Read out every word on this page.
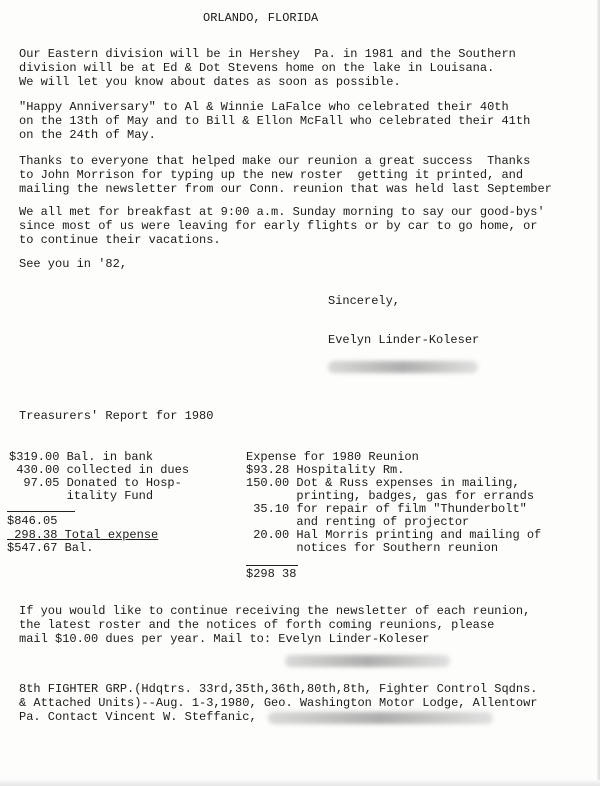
ORLANDO, FLORIDA
Our Eastern division will be in Hershey  Pa. in 1981 and the Southern
division will be at Ed & Dot Stevens home on the lake in Louisana.
We will let you know about dates as soon as possible.
"Happy Anniversary" to Al & Winnie LaFalce who celebrated their 40th
on the 13th of May and to Bill & Ellon McFall who celebrated their 41th
on the 24th of May.
Thanks to everyone that helped make our reunion a great success  Thanks
to John Morrison for typing up the new roster  getting it printed, and
mailing the newsletter from our Conn. reunion that was held last September
We all met for breakfast at 9:00 a.m. Sunday morning to say our good-bys'
since most of us were leaving for early flights or by car to go home, or
to continue their vacations.
See you in '82,
Sincerely,
Evelyn Linder-Koleser
Treasurers' Report for 1980
$319.00 Bal. in bank
430.00 collected in dues
97.05 Donated to Hosp-
itality Fund
$846.05
298.38 Total expense
$547.67 Bal.
Expense for 1980 Reunion
$93.28 Hospitality Rm.
150.00 Dot & Russ expenses in mailing,
printing, badges, gas for errands
35.10 for repair of film "Thunderbolt"
and renting of projector
20.00 Hal Morris printing and mailing of
notices for Southern reunion
$298 38
If you would like to continue receiving the newsletter of each reunion,
the latest roster and the notices of forth coming reunions, please
mail $10.00 dues per year. Mail to: Evelyn Linder-Koleser
8th FIGHTER GRP.(Hdqtrs. 33rd,35th,36th,80th,8th, Fighter Control Sqdns.
& Attached Units)--Aug. 1-3,1980, Geo. Washington Motor Lodge, Allentowr
Pa. Contact Vincent W. Steffanic,
